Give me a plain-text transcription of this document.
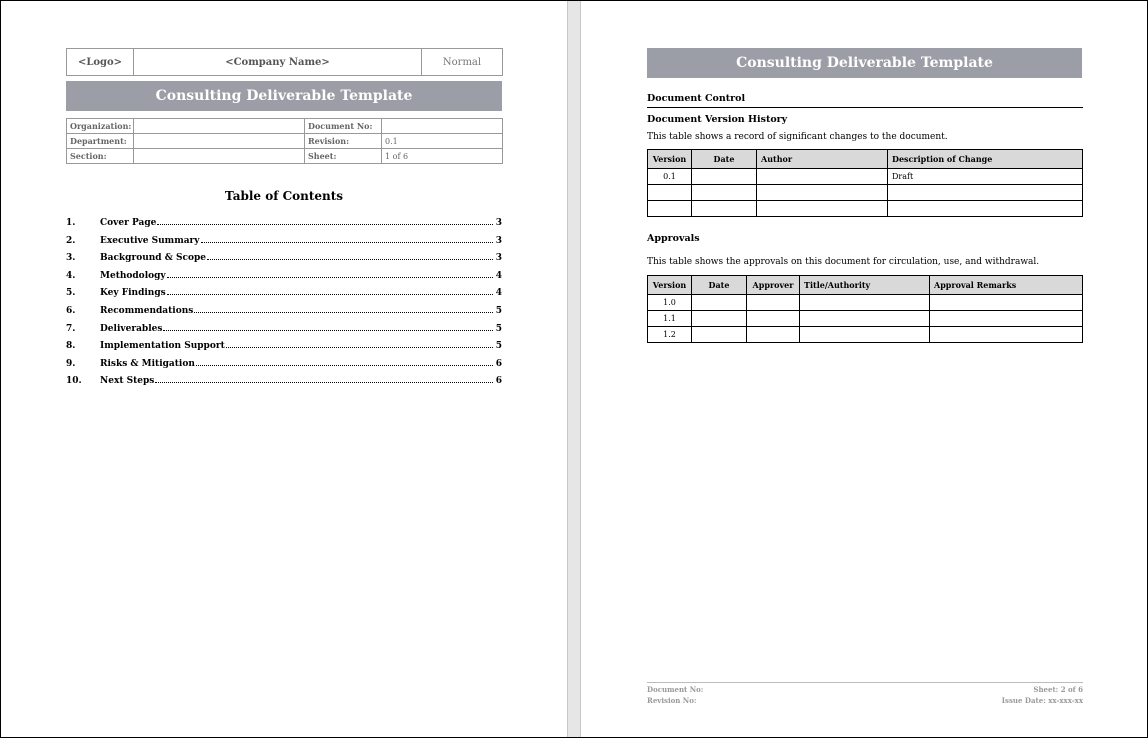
<Logo>	<Company Name>	Normal
Consulting Deliverable Template
Organization:		Document No:	
Department:		Revision:	0.1
Section:		Sheet:	1 of 6
Table of Contents
1.	Cover Page	3
2.	Executive Summary	3
3.	Background & Scope	3
4.	Methodology	4
5.	Key Findings	4
6.	Recommendations	5
7.	Deliverables	5
8.	Implementation Support	5
9.	Risks & Mitigation	6
10.	Next Steps	6
Consulting Deliverable Template
Document Control
Document Version History
This table shows a record of significant changes to the document.
Version	Date	Author	Description of Change
0.1			Draft

Approvals
This table shows the approvals on this document for circulation, use, and withdrawal.
Version	Date	Approver	Title/Authority	Approval Remarks
1.0				
1.1				
1.2				
Document No:
Revision No:
Sheet: 2 of 6
Issue Date: xx-xxx-xx
